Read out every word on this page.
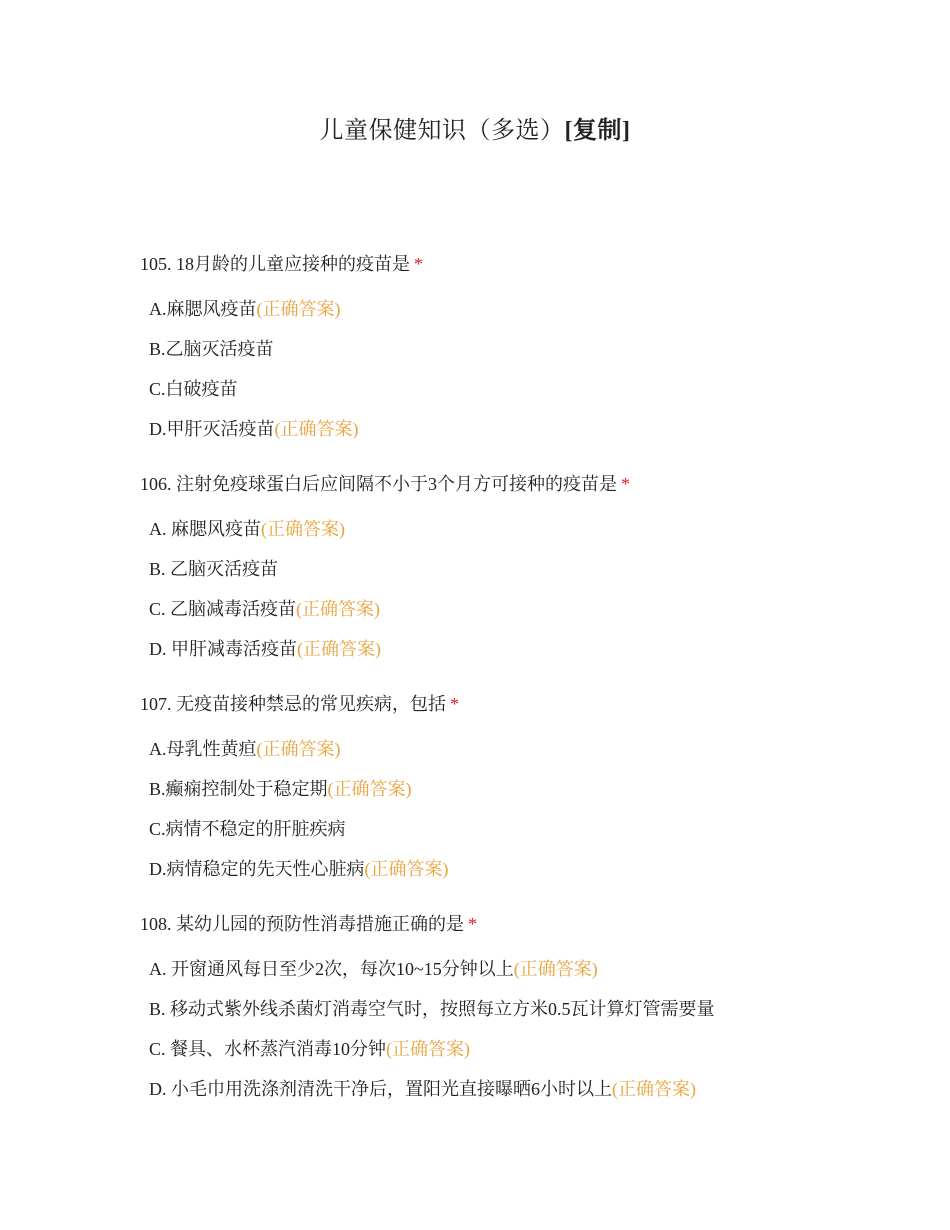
儿童保健知识（多选）[复制]
105. 18月龄的儿童应接种的疫苗是 *
A.麻腮风疫苗(正确答案)
B.乙脑灭活疫苗
C.白破疫苗
D.甲肝灭活疫苗(正确答案)
106. 注射免疫球蛋白后应间隔不小于3个月方可接种的疫苗是 *
A. 麻腮风疫苗(正确答案)
B. 乙脑灭活疫苗
C. 乙脑减毒活疫苗(正确答案)
D. 甲肝减毒活疫苗(正确答案)
107. 无疫苗接种禁忌的常见疾病，包括 *
A.母乳性黄疸(正确答案)
B.癫痫控制处于稳定期(正确答案)
C.病情不稳定的肝脏疾病
D.病情稳定的先天性心脏病(正确答案)
108. 某幼儿园的预防性消毒措施正确的是 *
A. 开窗通风每日至少2次，每次10~15分钟以上(正确答案)
B. 移动式紫外线杀菌灯消毒空气时，按照每立方米0.5瓦计算灯管需要量
C. 餐具、水杯蒸汽消毒10分钟(正确答案)
D. 小毛巾用洗涤剂清洗干净后，置阳光直接曝晒6小时以上(正确答案)
